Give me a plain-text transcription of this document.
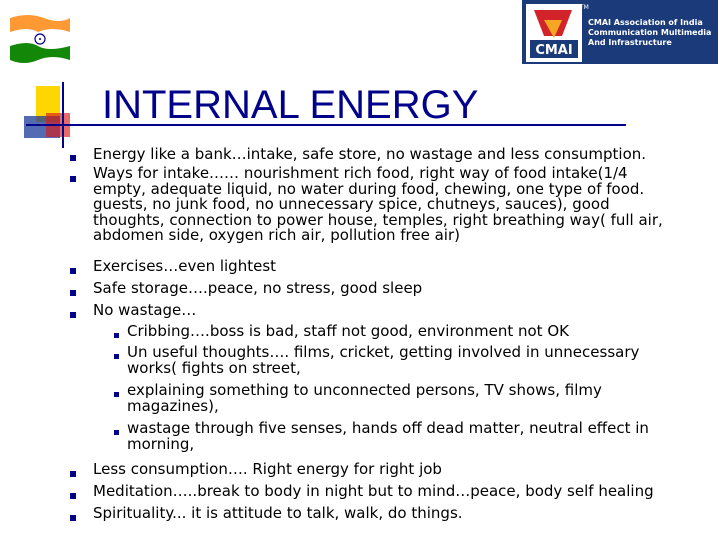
CMAI
TM
CMAI Association of India
Communication Multimedia
And Infrastructure
INTERNAL ENERGY
Energy like a bank…intake, safe store, no wastage and less consumption.
Ways for intake…… nourishment rich food, right way of food intake(1/4
empty, adequate liquid, no water during food, chewing, one type of food.
guests, no junk food, no unnecessary spice, chutneys, sauces), good
thoughts, connection to power house, temples, right breathing way( full air,
abdomen side, oxygen rich air, pollution free air)
Exercises…even lightest
Safe storage….peace, no stress, good sleep
No wastage…
Cribbing….boss is bad, staff not good, environment not OK
Un useful thoughts…. films, cricket, getting involved in unnecessary
works( fights on street,
explaining something to unconnected persons, TV shows, filmy
magazines),
wastage through five senses, hands off dead matter, neutral effect in
morning,
Less consumption…. Right energy for right job
Meditation…..break to body in night but to mind…peace, body self healing
Spirituality... it is attitude to talk, walk, do things.
